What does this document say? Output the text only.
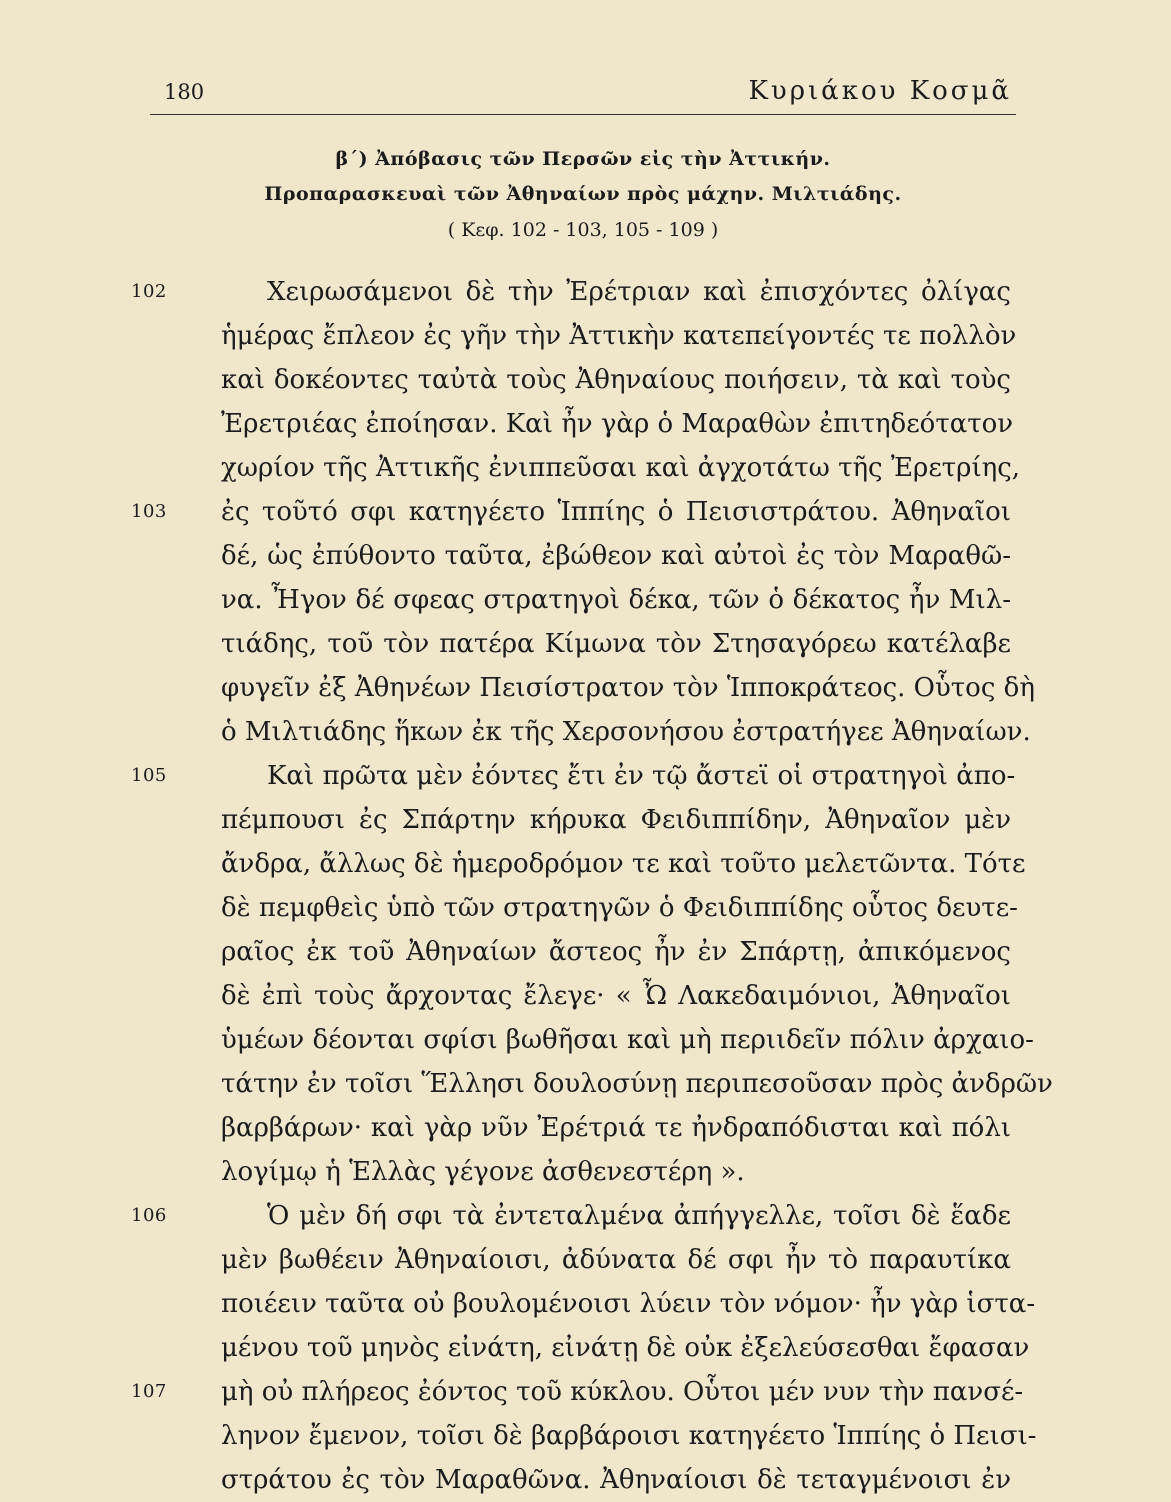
180	Κυριάκου Κοσμᾶ
β΄) Ἀπόβασις τῶν Περσῶν εἰς τὴν Ἀττικήν.
Προπαρασκευαὶ τῶν Ἀθηναίων πρὸς μάχην. Μιλτιάδης.
( Κεφ. 102 - 103, 105 - 109 )
102	Χειρωσάμενοι δὲ τὴν Ἐρέτριαν καὶ ἐπισχόντες ὀλίγας
ἡμέρας ἔπλεον ἐς γῆν τὴν Ἀττικὴν κατεπείγοντές τε πολλὸν
καὶ δοκέοντες ταὐτὰ τοὺς Ἀθηναίους ποιήσειν, τὰ καὶ τοὺς
Ἐρετριέας ἐποίησαν. Καὶ ἦν γὰρ ὁ Μαραθὼν ἐπιτηδεότατον
χωρίον τῆς Ἀττικῆς ἐνιππεῦσαι καὶ ἀγχοτάτω τῆς Ἐρετρίης,
103 ἐς τοῦτό σφι κατηγέετο Ἱππίης ὁ Πεισιστράτου. Ἀθηναῖοι
δέ, ὡς ἐπύθοντο ταῦτα, ἐβώθεον καὶ αὐτοὶ ἐς τὸν Μαραθῶ-
να. Ἦγον δέ σφεας στρατηγοὶ δέκα, τῶν ὁ δέκατος ἦν Μιλ-
τιάδης, τοῦ τὸν πατέρα Κίμωνα τὸν Στησαγόρεω κατέλαβε
φυγεῖν ἐξ Ἀθηνέων Πεισίστρατον τὸν Ἱπποκράτεος. Οὗτος δὴ
ὁ Μιλτιάδης ἥκων ἐκ τῆς Χερσονήσου ἐστρατήγεε Ἀθηναίων.
105	Καὶ πρῶτα μὲν ἐόντες ἔτι ἐν τῷ ἄστεϊ οἱ στρατηγοὶ ἀπο-
πέμπουσι ἐς Σπάρτην κήρυκα Φειδιππίδην, Ἀθηναῖον μὲν
ἄνδρα, ἄλλως δὲ ἡμεροδρόμον τε καὶ τοῦτο μελετῶντα. Τότε
δὲ πεμφθεὶς ὑπὸ τῶν στρατηγῶν ὁ Φειδιππίδης οὗτος δευτε-
ραῖος ἐκ τοῦ Ἀθηναίων ἄστεος ἦν ἐν Σπάρτῃ, ἀπικόμενος
δὲ ἐπὶ τοὺς ἄρχοντας ἔλεγε· « Ὦ Λακεδαιμόνιοι, Ἀθηναῖοι
ὑμέων δέονται σφίσι βωθῆσαι καὶ μὴ περιιδεῖν πόλιν ἀρχαιο-
τάτην ἐν τοῖσι Ἕλλησι δουλοσύνῃ περιπεσοῦσαν πρὸς ἀνδρῶν
βαρβάρων· καὶ γὰρ νῦν Ἐρέτριά τε ἠνδραπόδισται καὶ πόλι
λογίμῳ ἡ Ἑλλὰς γέγονε ἀσθενεστέρη ».
106	Ὁ μὲν δή σφι τὰ ἐντεταλμένα ἀπήγγελλε, τοῖσι δὲ ἕαδε
μὲν βωθέειν Ἀθηναίοισι, ἀδύνατα δέ σφι ἦν τὸ παραυτίκα
ποιέειν ταῦτα οὐ βουλομένοισι λύειν τὸν νόμον· ἦν γὰρ ἱστα-
μένου τοῦ μηνὸς εἰνάτη, εἰνάτῃ δὲ οὐκ ἐξελεύσεσθαι ἔφασαν
107 μὴ οὐ πλήρεος ἐόντος τοῦ κύκλου. Οὗτοι μέν νυν τὴν πανσέ-
ληνον ἔμενον, τοῖσι δὲ βαρβάροισι κατηγέετο Ἱππίης ὁ Πεισι-
στράτου ἐς τὸν Μαραθῶνα. Ἀθηναίοισι δὲ τεταγμένοισι ἐν
